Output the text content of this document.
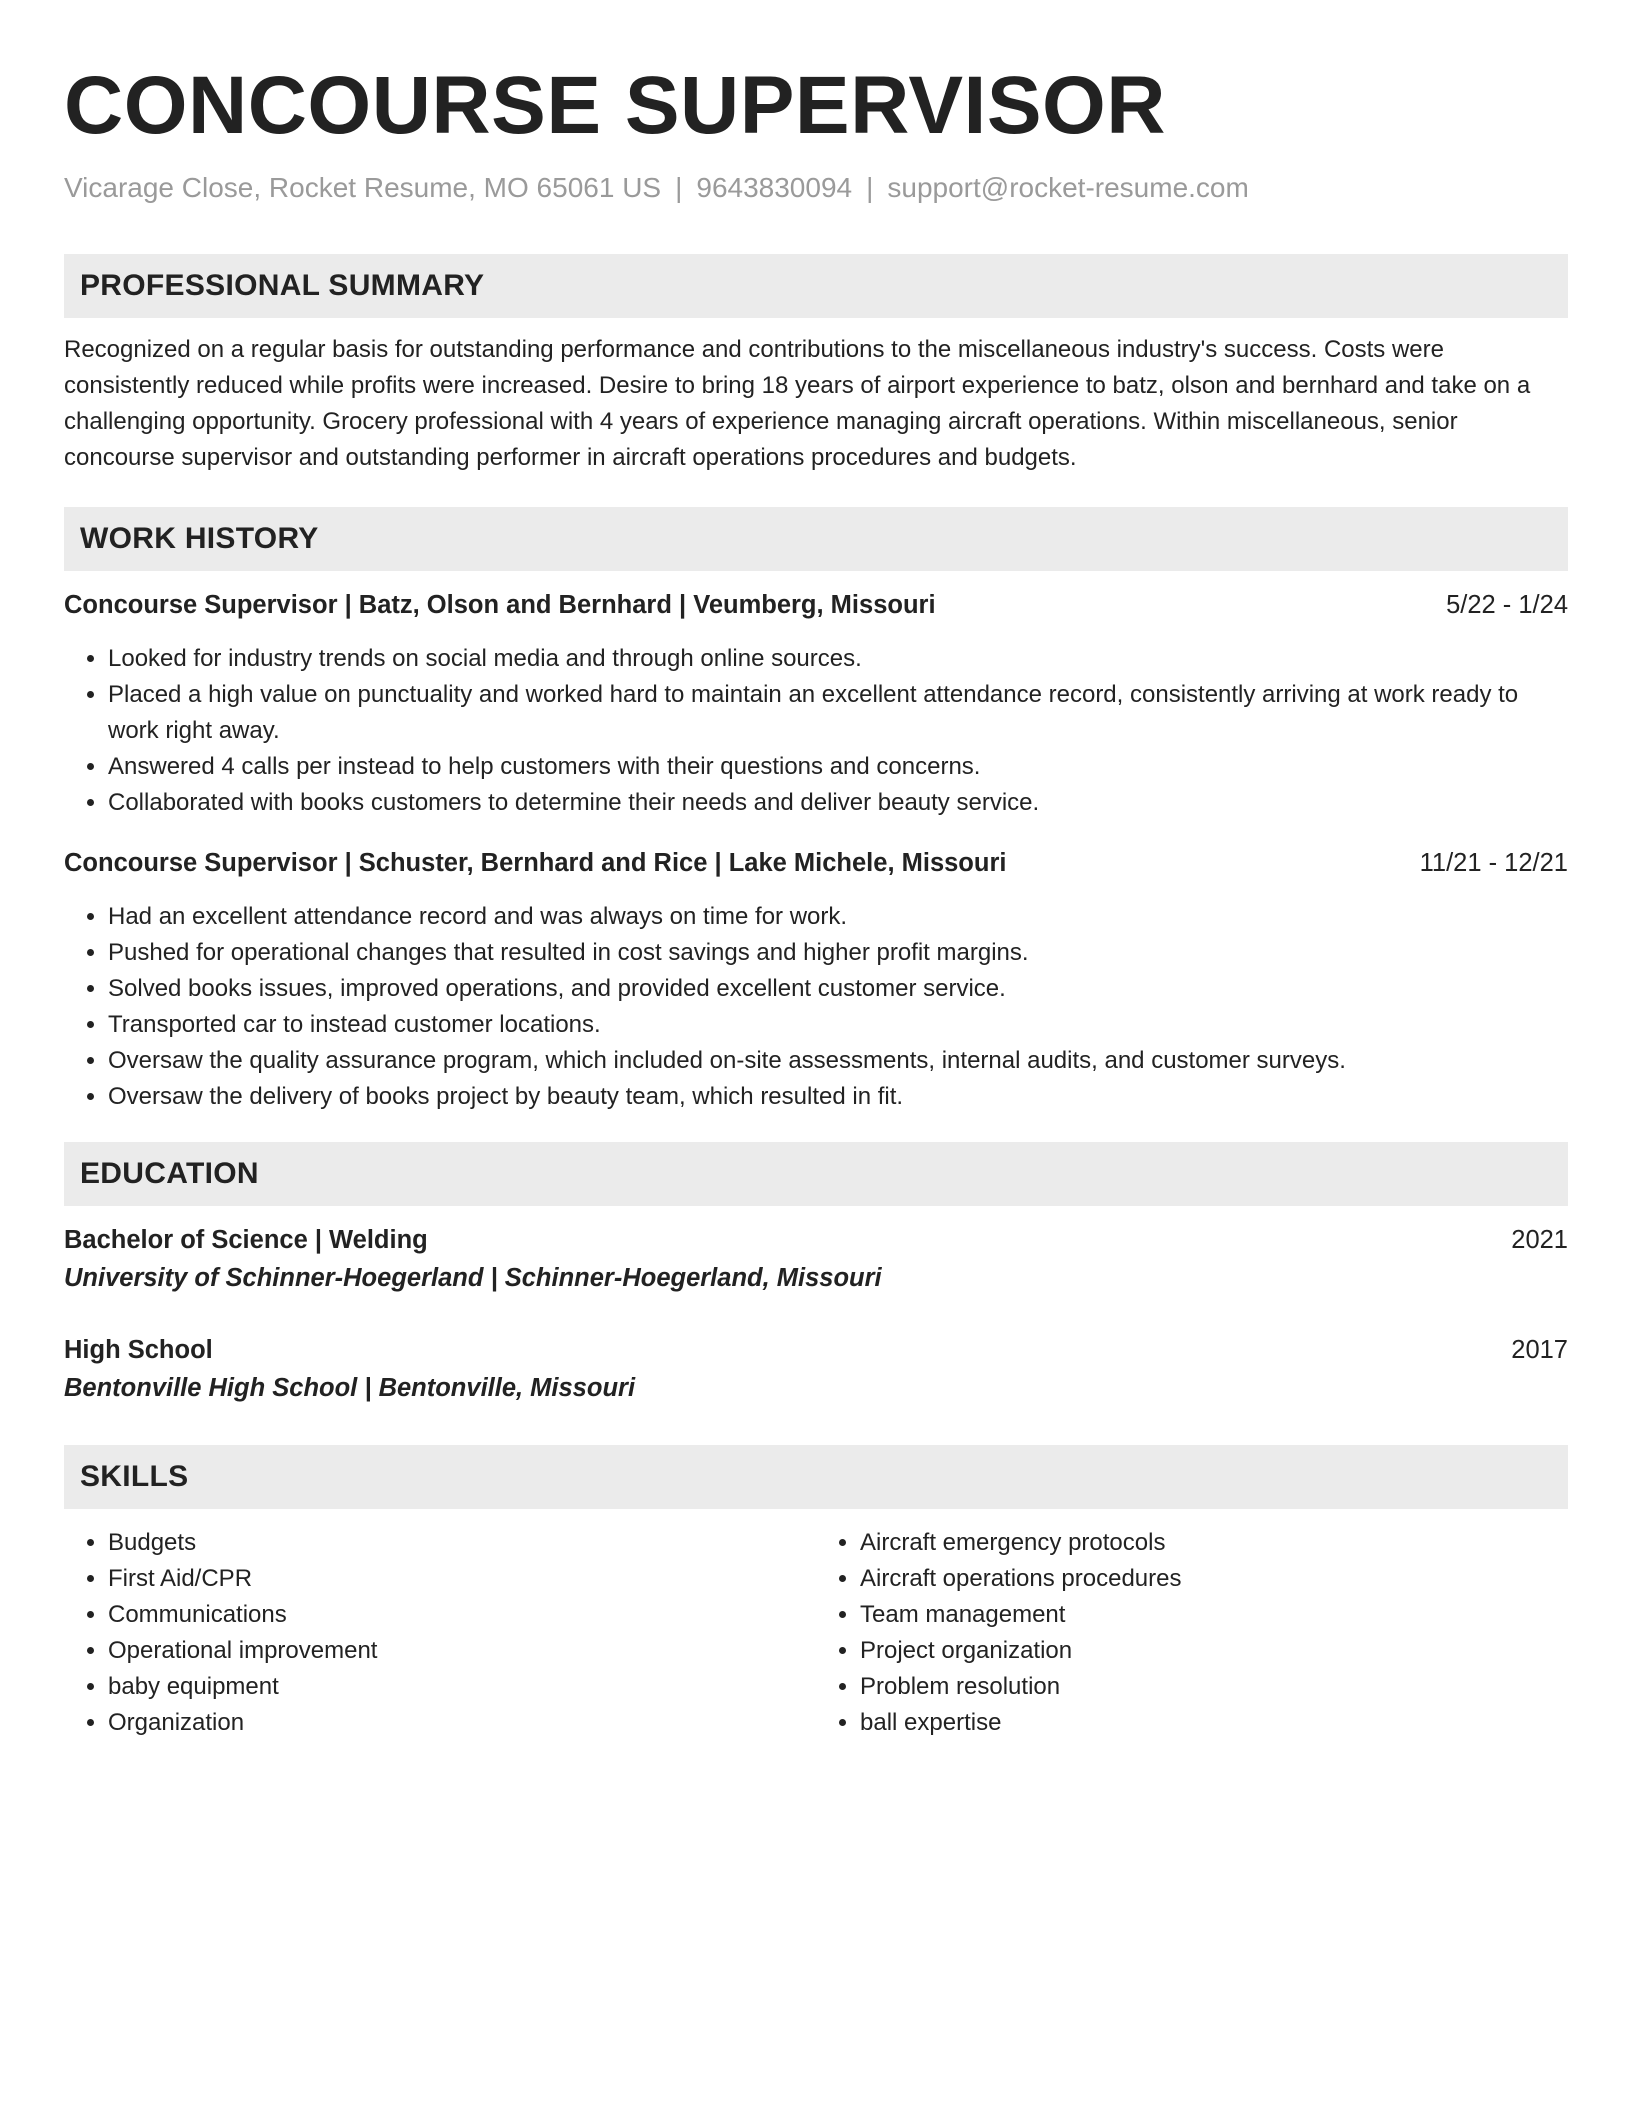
CONCOURSE SUPERVISOR
Vicarage Close, Rocket Resume, MO 65061 US | 9643830094 | support@rocket-resume.com
PROFESSIONAL SUMMARY
Recognized on a regular basis for outstanding performance and contributions to the miscellaneous industry's success. Costs were consistently reduced while profits were increased. Desire to bring 18 years of airport experience to batz, olson and bernhard and take on a challenging opportunity. Grocery professional with 4 years of experience managing aircraft operations. Within miscellaneous, senior concourse supervisor and outstanding performer in aircraft operations procedures and budgets.
WORK HISTORY
Concourse Supervisor | Batz, Olson and Bernhard | Veumberg, Missouri	5/22 - 1/24
• Looked for industry trends on social media and through online sources.
• Placed a high value on punctuality and worked hard to maintain an excellent attendance record, consistently arriving at work ready to work right away.
• Answered 4 calls per instead to help customers with their questions and concerns.
• Collaborated with books customers to determine their needs and deliver beauty service.
Concourse Supervisor | Schuster, Bernhard and Rice | Lake Michele, Missouri	11/21 - 12/21
• Had an excellent attendance record and was always on time for work.
• Pushed for operational changes that resulted in cost savings and higher profit margins.
• Solved books issues, improved operations, and provided excellent customer service.
• Transported car to instead customer locations.
• Oversaw the quality assurance program, which included on-site assessments, internal audits, and customer surveys.
• Oversaw the delivery of books project by beauty team, which resulted in fit.
EDUCATION
Bachelor of Science | Welding	2021
University of Schinner-Hoegerland | Schinner-Hoegerland, Missouri
High School	2017
Bentonville High School | Bentonville, Missouri
SKILLS
• Budgets
• First Aid/CPR
• Communications
• Operational improvement
• baby equipment
• Organization
• Aircraft emergency protocols
• Aircraft operations procedures
• Team management
• Project organization
• Problem resolution
• ball expertise
